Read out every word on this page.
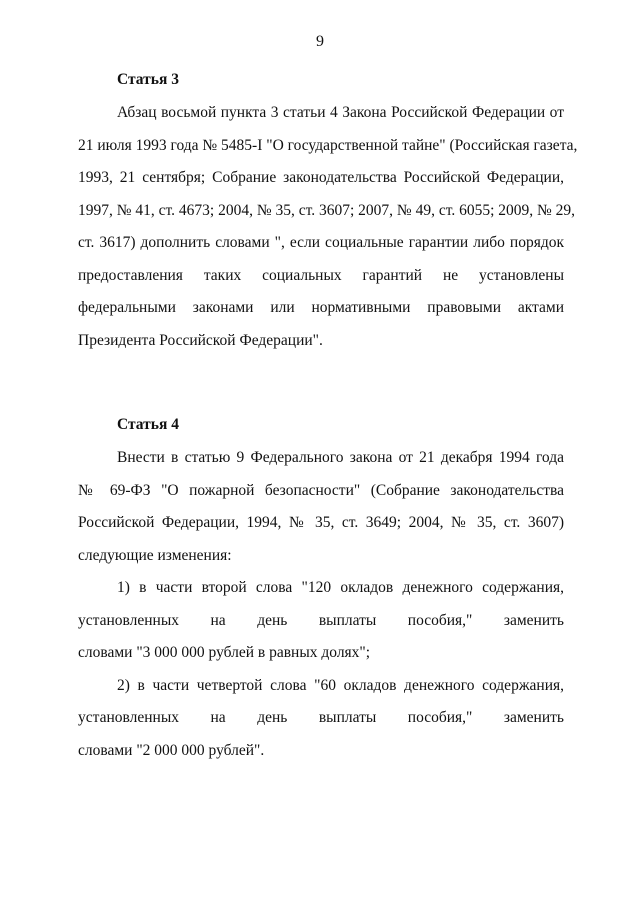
9
Статья 3
Абзац восьмой пункта 3 статьи 4 Закона Российской Федерации от
21 июля 1993 года № 5485-I "О государственной тайне" (Российская газета,
1993, 21 сентября; Собрание законодательства Российской Федерации,
1997, № 41, ст. 4673; 2004, № 35, ст. 3607; 2007, № 49, ст. 6055; 2009, № 29,
ст. 3617) дополнить словами ", если социальные гарантии либо порядок
предоставления таких социальных гарантий не установлены
федеральными законами или нормативными правовыми актами
Президента Российской Федерации".
Статья 4
Внести в статью 9 Федерального закона от 21 декабря 1994 года
№ 69-ФЗ "О пожарной безопасности" (Собрание законодательства
Российской Федерации, 1994, № 35, ст. 3649; 2004, № 35, ст. 3607)
следующие изменения:
1) в части второй слова "120 окладов денежного содержания,
установленных на день выплаты пособия," заменить
словами "3 000 000 рублей в равных долях";
2) в части четвертой слова "60 окладов денежного содержания,
установленных на день выплаты пособия," заменить
словами "2 000 000 рублей".
